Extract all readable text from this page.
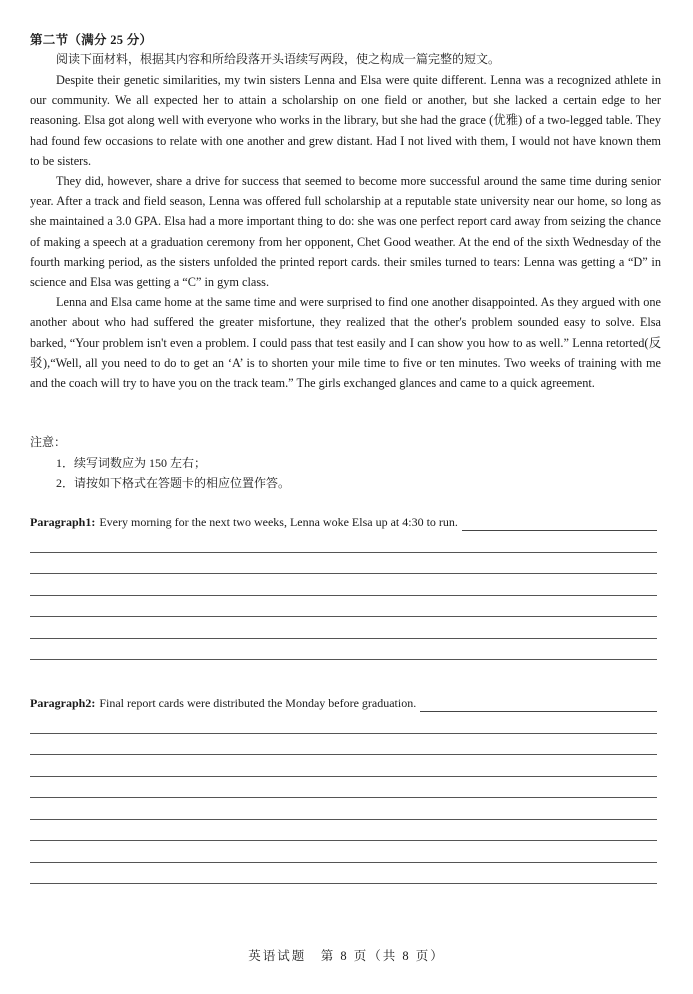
第二节（满分 25 分）
阅读下面材料，根据其内容和所给段落开头语续写两段，使之构成一篇完整的短文。

Despite their genetic similarities, my twin sisters Lenna and Elsa were quite different. Lenna was a recognized athlete in our community. We all expected her to attain a scholarship on one field or another, but she lacked a certain edge to her reasoning. Elsa got along well with everyone who works in the library, but she had the grace (优雅) of a two-legged table. They had found few occasions to relate with one another and grew distant. Had I not lived with them, I would not have known them to be sisters.

They did, however, share a drive for success that seemed to become more successful around the same time during senior year. After a track and field season, Lenna was offered full scholarship at a reputable state university near our home, so long as she maintained a 3.0 GPA. Elsa had a more important thing to do: she was one perfect report card away from seizing the chance of making a speech at a graduation ceremony from her opponent, Chet Good weather. At the end of the sixth Wednesday of the fourth marking period, as the sisters unfolded the printed report cards. their smiles turned to tears: Lenna was getting a “D” in science and Elsa was getting a “C” in gym class.

Lenna and Elsa came home at the same time and were surprised to find one another disappointed. As they argued with one another about who had suffered the greater misfortune, they realized that the other's problem sounded easy to solve. Elsa barked, “Your problem isn't even a problem. I could pass that test easily and I can show you how to as well.” Lenna retorted(反驳),“Well, all you need to do to get an ‘A’ is to shorten your mile time to five or ten minutes. Two weeks of training with me and the coach will try to have you on the track team.” The girls exchanged glances and came to a quick agreement.

注意：
1．续写词数应为 150 左右；
2．请按如下格式在答题卡的相应位置作答。
Paragraph1: Every morning for the next two weeks, Lenna woke Elsa up at 4:30 to run.
Paragraph2: Final report cards were distributed the Monday before graduation.
英语试题　第 8 页（共 8 页）
